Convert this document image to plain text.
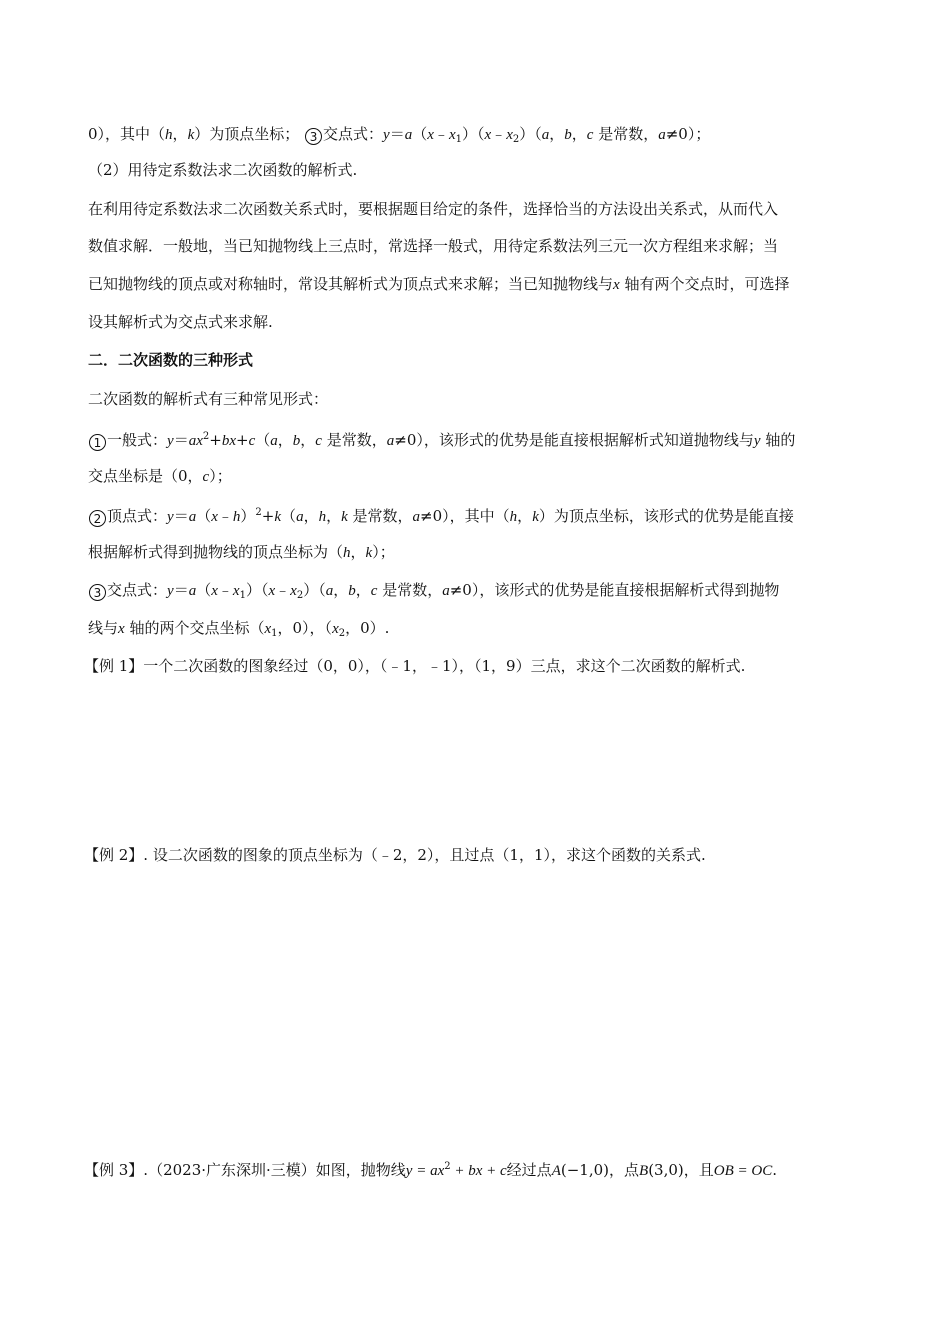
0），其中（h，k）为顶点坐标； 3 交点式：$y=a(x﹣x_1)(x﹣x_2)(a$，b，c 是常数，a≠0）；
（2）用待定系数法求二次函数的解析式.
在利用待定系数法求二次函数关系式时，要根据题目给定的条件，选择恰当的方法设出关系式，从而代入
数值求解．一般地，当已知抛物线上三点时，常选择一般式，用待定系数法列三元一次方程组来求解；当
已知抛物线的顶点或对称轴时，常设其解析式为顶点式来求解；当已知抛物线与x 轴有两个交点时，可选择
设其解析式为交点式来求解.
二．二次函数的三种形式
二次函数的解析式有三种常见形式：
1 一般式：$y=ax^2+bx+c(a$，b，c 是常数，a≠0），该形式的优势是能直接根据解析式知道抛物线与y 轴的
交点坐标是（0，c）；
2 顶点式：y＝a（x﹣h）$^2$+k（a，h，k 是常数，a≠0），其中（h，k）为顶点坐标，该形式的优势是能直接
根据解析式得到抛物线的顶点坐标为（h，k）；
3 交点式：$y=a(x﹣x_1)(x﹣x_2)(a$，b，c 是常数，a≠0），该形式的优势是能直接根据解析式得到抛物
线与x 轴的两个交点坐标（$x_1$，0），（$x_2$，0）.
【例 1】一个二次函数的图象经过（0，0），（﹣1，﹣1），（1，9）三点，求这个二次函数的解析式.
【例 2】. 设二次函数的图象的顶点坐标为（﹣2，2），且过点（1，1），求这个函数的关系式.
【例 3】.（2023·广东深圳·三模）如图，抛物线$y = ax^2$ + bx + c经过点A(−1,0)，点B(3,0)，且OB = OC.
